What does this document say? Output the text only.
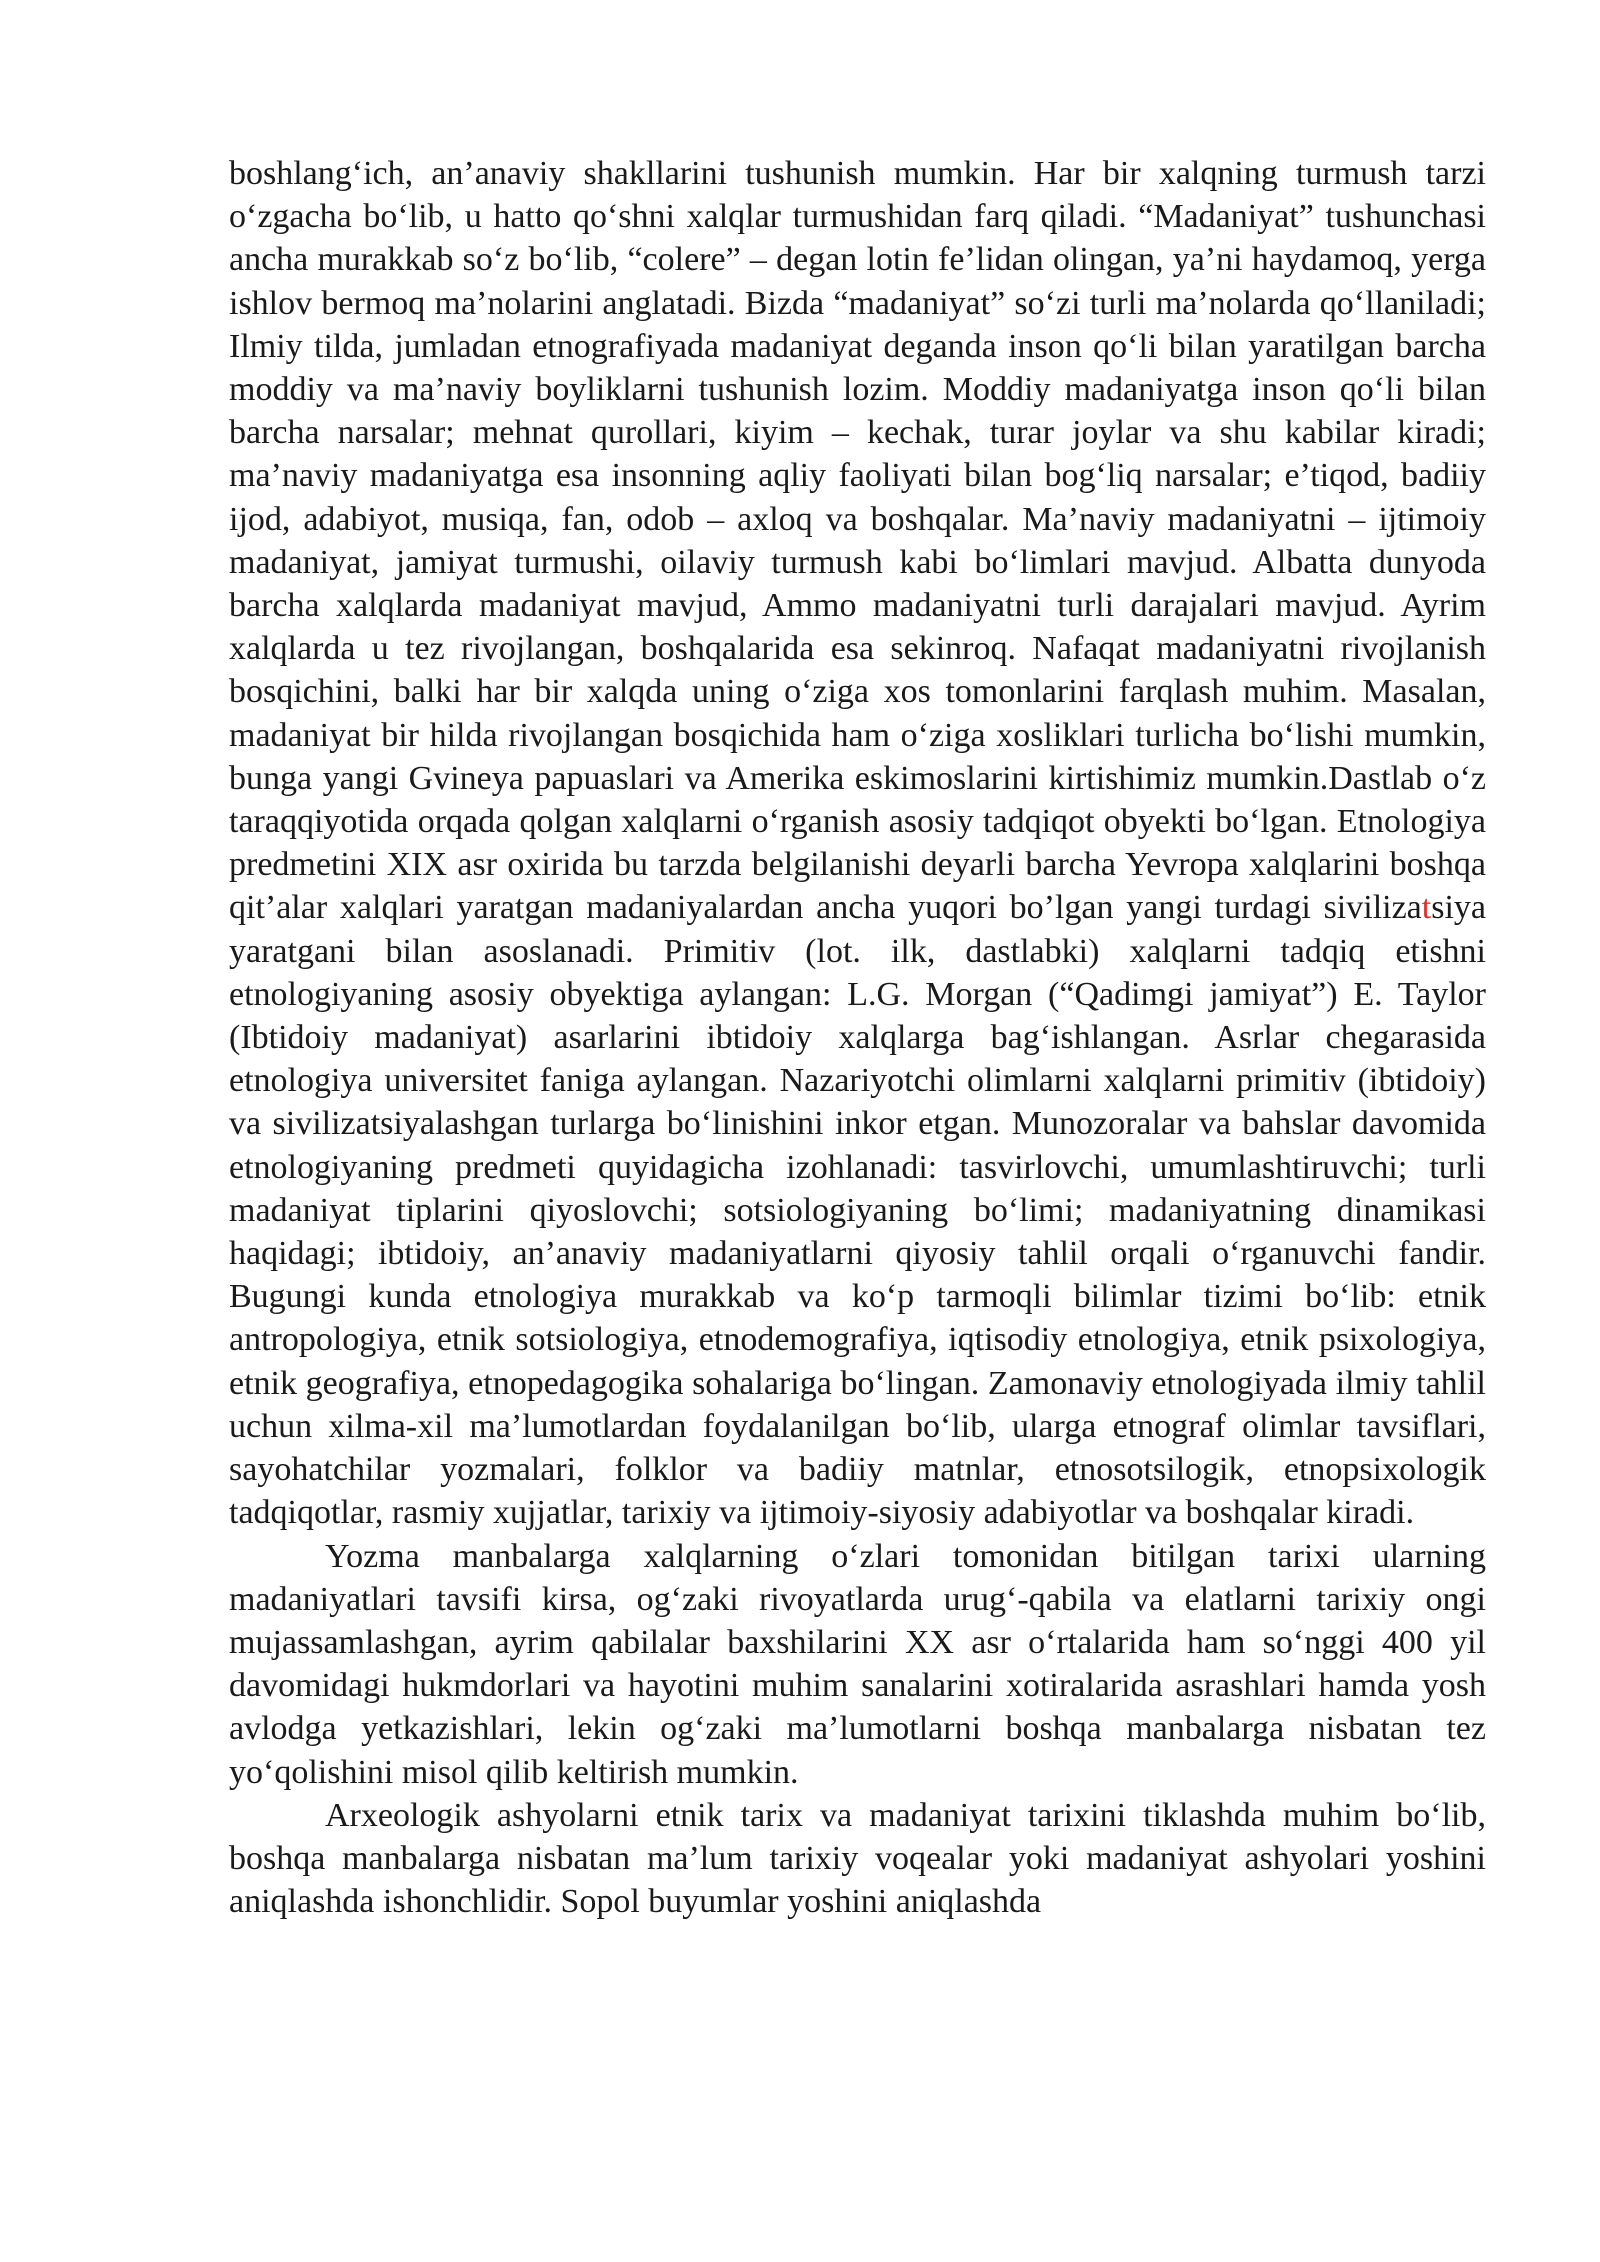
boshlang‘ich, an’anaviy shakllarini tushunish mumkin. Har bir xalqning turmush tarzi o‘zgacha bo‘lib, u hatto qo‘shni xalqlar turmushidan farq qiladi. “Madaniyat” tushunchasi ancha murakkab so‘z bo‘lib, “colere” – degan lotin fe’lidan olingan, ya’ni haydamoq, yerga ishlov bermoq ma’nolarini anglatadi. Bizda “madaniyat” so‘zi turli ma’nolarda qo‘llaniladi; Ilmiy tilda, jumladan etnografiyada madaniyat deganda inson qo‘li bilan yaratilgan barcha moddiy va ma’naviy boyliklarni tushunish lozim. Moddiy madaniyatga inson qo‘li bilan barcha narsalar; mehnat qurollari, kiyim – kechak, turar joylar va shu kabilar kiradi; ma’naviy madaniyatga esa insonning aqliy faoliyati bilan bog‘liq narsalar; e’tiqod, badiiy ijod, adabiyot, musiqa, fan, odob – axloq va boshqalar. Ma’naviy madaniyatni – ijtimoiy madaniyat, jamiyat turmushi, oilaviy turmush kabi bo‘limlari mavjud. Albatta dunyoda barcha xalqlarda madaniyat mavjud, Ammo madaniyatni turli darajalari mavjud. Ayrim xalqlarda u tez rivojlangan, boshqalarida esa sekinroq. Nafaqat madaniyatni rivojlanish bosqichini, balki har bir xalqda uning o‘ziga xos tomonlarini farqlash muhim. Masalan, madaniyat bir hilda rivojlangan bosqichida ham o‘ziga xosliklari turlicha bo‘lishi mumkin, bunga yangi Gvineya papuaslari va Amerika eskimoslarini kirtishimiz mumkin.Dastlab o‘z taraqqiyotida orqada qolgan xalqlarni o‘rganish asosiy tadqiqot obyekti bo‘lgan. Etnologiya predmetini XIX asr oxirida bu tarzda belgilanishi deyarli barcha Yevropa xalqlarini boshqa qit’alar xalqlari yaratgan madaniyalardan ancha yuqori bo’lgan yangi turdagi sivilizatsiya yaratgani bilan asoslanadi. Primitiv (lot. ilk, dastlabki) xalqlarni tadqiq etishni etnologiyaning asosiy obyektiga aylangan: L.G. Morgan (“Qadimgi jamiyat”) E. Taylor (Ibtidoiy madaniyat) asarlarini ibtidoiy xalqlarga bag‘ishlangan. Asrlar chegarasida etnologiya universitet faniga aylangan. Nazariyotchi olimlarni xalqlarni primitiv (ibtidoiy) va sivilizatsiyalashgan turlarga bo‘linishini inkor etgan. Munozoralar va bahslar davomida etnologiyaning predmeti quyidagicha izohlanadi: tasvirlovchi, umumlashtiruvchi; turli madaniyat tiplarini qiyoslovchi; sotsiologiyaning bo‘limi; madaniyatning dinamikasi haqidagi; ibtidoiy, an’anaviy madaniyatlarni qiyosiy tahlil orqali o‘rganuvchi fandir. Bugungi kunda etnologiya murakkab va ko‘p tarmoqli bilimlar tizimi bo‘lib: etnik antropologiya, etnik sotsiologiya, etnodemografiya, iqtisodiy etnologiya, etnik psixologiya, etnik geografiya, etnopedagogika sohalariga bo‘lingan. Zamonaviy etnologiyada ilmiy tahlil uchun xilma-xil ma’lumotlardan foydalanilgan bo‘lib, ularga etnograf olimlar tavsiflari, sayohatchilar yozmalari, folklor va badiiy matnlar, etnosotsilogik, etnopsixologik tadqiqotlar, rasmiy xujjatlar, tarixiy va ijtimoiy-siyosiy adabiyotlar va boshqalar kiradi.

Yozma manbalarga xalqlarning o‘zlari tomonidan bitilgan tarixi ularning madaniyatlari tavsifi kirsa, og‘zaki rivoyatlarda urug‘-qabila va elatlarni tarixiy ongi mujassamlashgan, ayrim qabilalar baxshilarini XX asr o‘rtalarida ham so‘nggi 400 yil davomidagi hukmdorlari va hayotini muhim sanalarini xotiralarida asrashlari hamda yosh avlodga yetkazishlari, lekin og‘zaki ma’lumotlarni boshqa manbalarga nisbatan tez yo‘qolishini misol qilib keltirish mumkin.

Arxeologik ashyolarni etnik tarix va madaniyat tarixini tiklashda muhim bo‘lib, boshqa manbalarga nisbatan ma’lum tarixiy voqealar yoki madaniyat ashyolari yoshini aniqlashda ishonchlidir. Sopol buyumlar yoshini aniqlashda
